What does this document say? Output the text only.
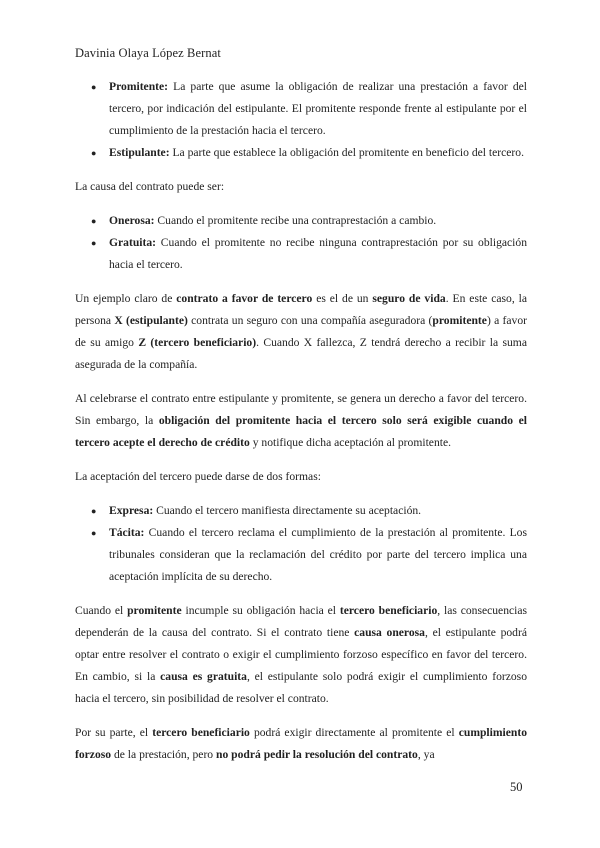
Davinia Olaya López Bernat
● Promitente: La parte que asume la obligación de realizar una prestación a favor del tercero, por indicación del estipulante. El promitente responde frente al estipulante por el cumplimiento de la prestación hacia el tercero.
● Estipulante: La parte que establece la obligación del promitente en beneficio del tercero.

La causa del contrato puede ser:

● Onerosa: Cuando el promitente recibe una contraprestación a cambio.
● Gratuita: Cuando el promitente no recibe ninguna contraprestación por su obligación hacia el tercero.

Un ejemplo claro de contrato a favor de tercero es el de un seguro de vida. En este caso, la persona X (estipulante) contrata un seguro con una compañía aseguradora (promitente) a favor de su amigo Z (tercero beneficiario). Cuando X fallezca, Z tendrá derecho a recibir la suma asegurada de la compañía.

Al celebrarse el contrato entre estipulante y promitente, se genera un derecho a favor del tercero. Sin embargo, la obligación del promitente hacia el tercero solo será exigible cuando el tercero acepte el derecho de crédito y notifique dicha aceptación al promitente.

La aceptación del tercero puede darse de dos formas:

● Expresa: Cuando el tercero manifiesta directamente su aceptación.
● Tácita: Cuando el tercero reclama el cumplimiento de la prestación al promitente. Los tribunales consideran que la reclamación del crédito por parte del tercero implica una aceptación implícita de su derecho.

Cuando el promitente incumple su obligación hacia el tercero beneficiario, las consecuencias dependerán de la causa del contrato. Si el contrato tiene causa onerosa, el estipulante podrá optar entre resolver el contrato o exigir el cumplimiento forzoso específico en favor del tercero. En cambio, si la causa es gratuita, el estipulante solo podrá exigir el cumplimiento forzoso hacia el tercero, sin posibilidad de resolver el contrato.

Por su parte, el tercero beneficiario podrá exigir directamente al promitente el cumplimiento forzoso de la prestación, pero no podrá pedir la resolución del contrato, ya

50
